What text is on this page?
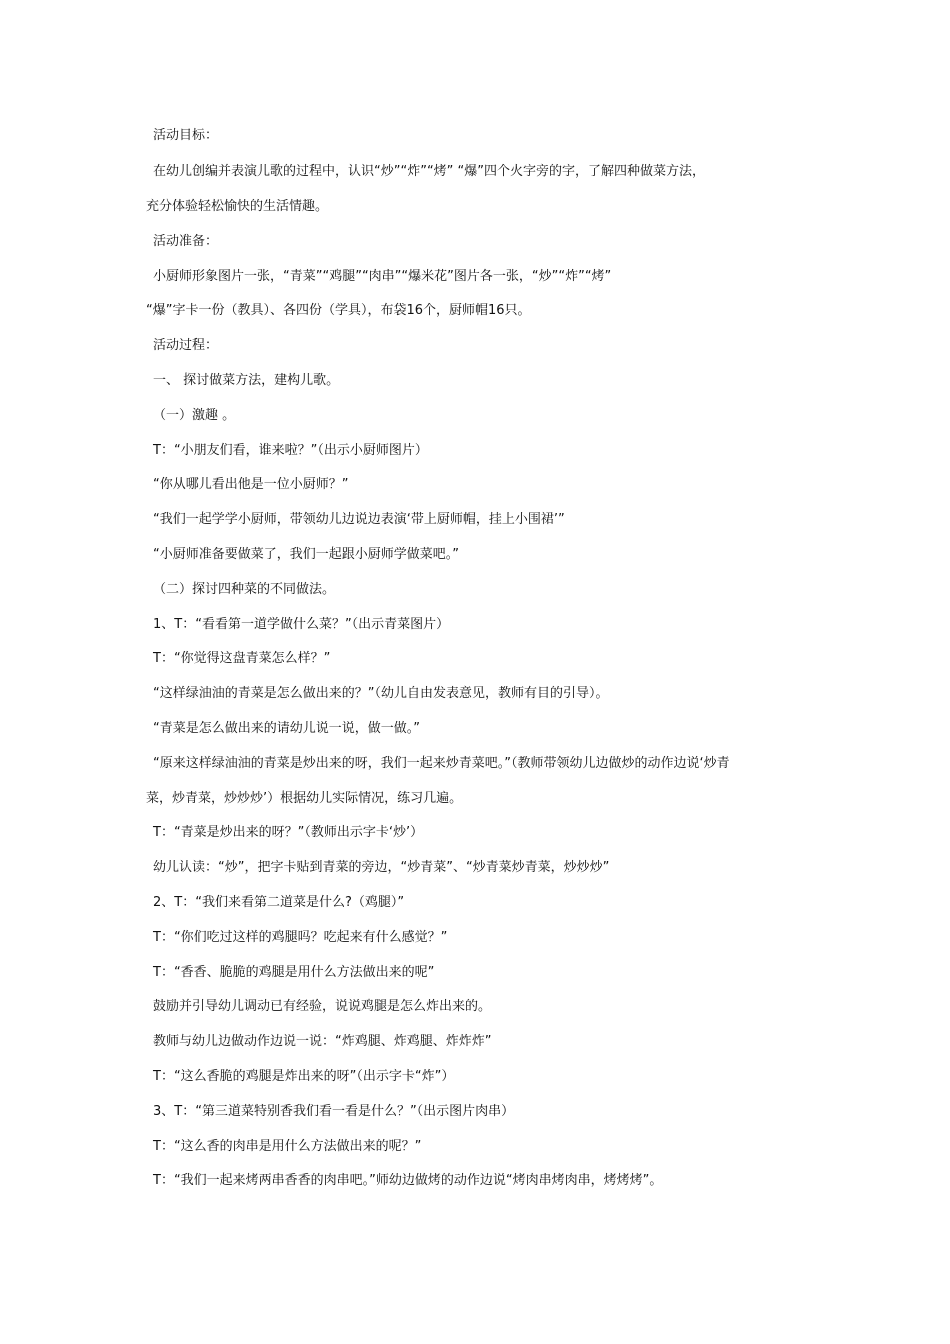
活动目标：
在幼儿创编并表演儿歌的过程中，认识“炒”“炸”“烤” “爆”四个火字旁的字，了解四种做菜方法，
充分体验轻松愉快的生活情趣。
活动准备：
小厨师形象图片一张，“青菜”“鸡腿”“肉串”“爆米花”图片各一张，“炒”“炸”“烤”
“爆”字卡一份（教具）、各四份（学具），布袋16个，厨师帽16只。
活动过程：
一、 探讨做菜方法，建构儿歌。
（一）激趣 。
T：“小朋友们看，谁来啦？”（出示小厨师图片）
“你从哪儿看出他是一位小厨师？”
“我们一起学学小厨师，带领幼儿边说边表演‘带上厨师帽，挂上小围裙’”
“小厨师准备要做菜了，我们一起跟小厨师学做菜吧。”
（二）探讨四种菜的不同做法。
1、T：“看看第一道学做什么菜？”（出示青菜图片）
T：“你觉得这盘青菜怎么样？”
“这样绿油油的青菜是怎么做出来的？”（幼儿自由发表意见，教师有目的引导）。
“青菜是怎么做出来的请幼儿说一说，做一做。”
“原来这样绿油油的青菜是炒出来的呀，我们一起来炒青菜吧。”（教师带领幼儿边做炒的动作边说‘炒青
菜，炒青菜，炒炒炒’）根据幼儿实际情况，练习几遍。
T：“青菜是炒出来的呀？”（教师出示字卡‘炒’）
幼儿认读：“炒”，把字卡贴到青菜的旁边，“炒青菜”、“炒青菜炒青菜，炒炒炒”
2、T：“我们来看第二道菜是什么?（鸡腿）”
T：“你们吃过这样的鸡腿吗？吃起来有什么感觉？”
T：“香香、脆脆的鸡腿是用什么方法做出来的呢”
鼓励并引导幼儿调动已有经验，说说鸡腿是怎么炸出来的。
教师与幼儿边做动作边说一说：“炸鸡腿、炸鸡腿、炸炸炸”
T：“这么香脆的鸡腿是炸出来的呀”（出示字卡“炸”）
3、T：“第三道菜特别香我们看一看是什么？”（出示图片肉串）
T：“这么香的肉串是用什么方法做出来的呢？”
T：“我们一起来烤两串香香的肉串吧。”师幼边做烤的动作边说“烤肉串烤肉串，烤烤烤”。
